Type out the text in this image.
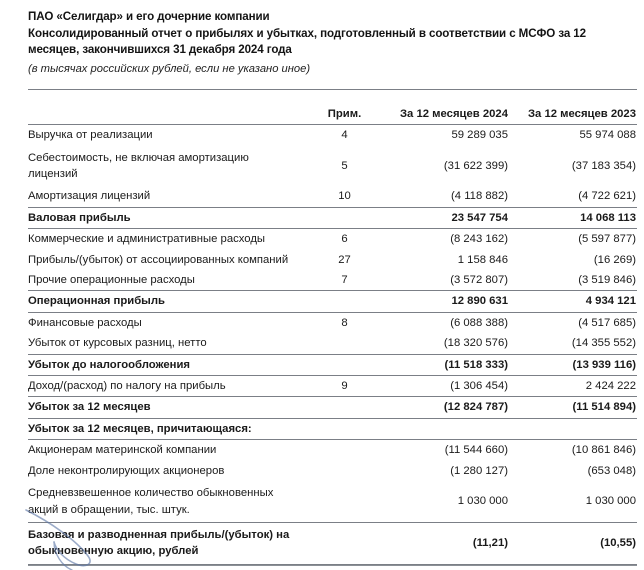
ПАО «Селигдар» и его дочерние компании
Консолидированный отчет о прибылях и убытках, подготовленный в соответствии с МСФО за 12 месяцев, закончившихся 31 декабря 2024 года
(в тысячах российских рублей, если не указано иное)
	Прим.	За 12 месяцев 2024	За 12 месяцев 2023
Выручка от реализации	4	59 289 035	55 974 088
Себестоимость, не включая амортизацию лицензий	5	(31 622 399)	(37 183 354)
Амортизация лицензий	10	(4 118 882)	(4 722 621)
Валовая прибыль		23 547 754	14 068 113
Коммерческие и административные расходы	6	(8 243 162)	(5 597 877)
Прибыль/(убыток) от ассоциированных компаний	27	1 158 846	(16 269)
Прочие операционные расходы	7	(3 572 807)	(3 519 846)
Операционная прибыль		12 890 631	4 934 121
Финансовые расходы	8	(6 088 388)	(4 517 685)
Убыток от курсовых разниц, нетто		(18 320 576)	(14 355 552)
Убыток до налогообложения		(11 518 333)	(13 939 116)
Доход/(расход) по налогу на прибыль	9	(1 306 454)	2 424 222
Убыток за 12 месяцев		(12 824 787)	(11 514 894)
Убыток за 12 месяцев, причитающаяся:			
Акционерам материнской компании		(11 544 660)	(10 861 846)
Доле неконтролирующих акционеров		(1 280 127)	(653 048)
Средневзвешенное количество обыкновенных акций в обращении, тыс. штук.		1 030 000	1 030 000
Базовая и разводненная прибыль/(убыток) на обыкновенную акцию, рублей		(11,21)	(10,55)
